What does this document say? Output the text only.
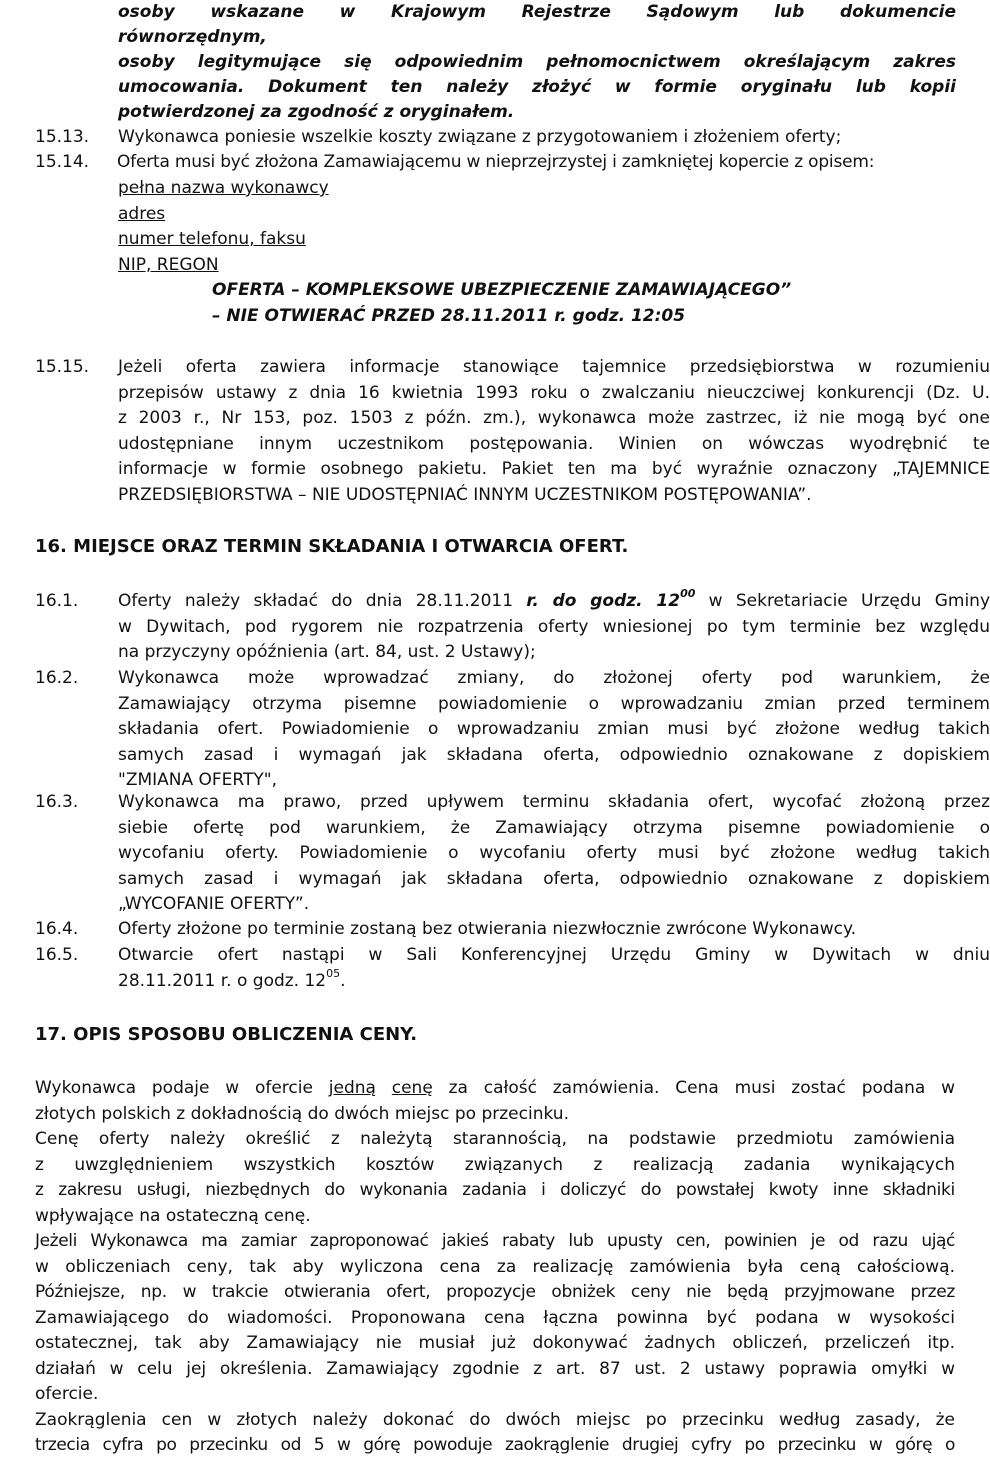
osoby wskazane w Krajowym Rejestrze Sądowym lub dokumencie
równorzędnym,
osoby legitymujące się odpowiednim pełnomocnictwem określającym zakres
umocowania. Dokument ten należy złożyć w formie oryginału lub kopii
potwierdzonej za zgodność z oryginałem.
15.13. Wykonawca poniesie wszelkie koszty związane z przygotowaniem i złożeniem oferty;
15.14. Oferta musi być złożona Zamawiającemu w nieprzejrzystej i zamkniętej kopercie z opisem:
pełna nazwa wykonawcy
adres
numer telefonu, faksu
NIP, REGON
OFERTA – KOMPLEKSOWE UBEZPIECZENIE ZAMAWIAJĄCEGO”
– NIE OTWIERAĆ PRZED 28.11.2011 r. godz. 12:05
15.15. Jeżeli oferta zawiera informacje stanowiące tajemnice przedsiębiorstwa w rozumieniu
przepisów ustawy z dnia 16 kwietnia 1993 roku o zwalczaniu nieuczciwej konkurencji (Dz. U.
z 2003 r., Nr 153, poz. 1503 z późn. zm.), wykonawca może zastrzec, iż nie mogą być one
udostępniane innym uczestnikom postępowania. Winien on wówczas wyodrębnić te
informacje w formie osobnego pakietu. Pakiet ten ma być wyraźnie oznaczony „TAJEMNICE
PRZEDSIĘBIORSTWA – NIE UDOSTĘPNIAĆ INNYM UCZESTNIKOM POSTĘPOWANIA”.
16. MIEJSCE ORAZ TERMIN SKŁADANIA I OTWARCIA OFERT.
16.1. Oferty należy składać do dnia 28.11.2011 r. do godz. $12^{00}$ w Sekretariacie Urzędu Gminy
w Dywitach, pod rygorem nie rozpatrzenia oferty wniesionej po tym terminie bez względu
na przyczyny opóźnienia (art. 84, ust. 2 Ustawy);
16.2. Wykonawca może wprowadzać zmiany, do złożonej oferty pod warunkiem, że
Zamawiający otrzyma pisemne powiadomienie o wprowadzaniu zmian przed terminem
składania ofert. Powiadomienie o wprowadzaniu zmian musi być złożone według takich
samych zasad i wymagań jak składana oferta, odpowiednio oznakowane z dopiskiem
"ZMIANA OFERTY",
16.3. Wykonawca ma prawo, przed upływem terminu składania ofert, wycofać złożoną przez
siebie ofertę pod warunkiem, że Zamawiający otrzyma pisemne powiadomienie o
wycofaniu oferty. Powiadomienie o wycofaniu oferty musi być złożone według takich
samych zasad i wymagań jak składana oferta, odpowiednio oznakowane z dopiskiem
„WYCOFANIE OFERTY”.
16.4. Oferty złożone po terminie zostaną bez otwierania niezwłocznie zwrócone Wykonawcy.
16.5. Otwarcie ofert nastąpi w Sali Konferencyjnej Urzędu Gminy w Dywitach w dniu
28.11.2011 r. o godz. $12^{05}$.
17. OPIS SPOSOBU OBLICZENIA CENY.
Wykonawca podaje w ofercie jedną cenę za całość zamówienia. Cena musi zostać podana w
złotych polskich z dokładnością do dwóch miejsc po przecinku.
Cenę oferty należy określić z należytą starannością, na podstawie przedmiotu zamówienia
z uwzględnieniem wszystkich kosztów związanych z realizacją zadania wynikających
z zakresu usługi, niezbędnych do wykonania zadania i doliczyć do powstałej kwoty inne składniki
wpływające na ostateczną cenę.
Jeżeli Wykonawca ma zamiar zaproponować jakieś rabaty lub upusty cen, powinien je od razu ująć
w obliczeniach ceny, tak aby wyliczona cena za realizację zamówienia była ceną całościową.
Późniejsze, np. w trakcie otwierania ofert, propozycje obniżek ceny nie będą przyjmowane przez
Zamawiającego do wiadomości. Proponowana cena łączna powinna być podana w wysokości
ostatecznej, tak aby Zamawiający nie musiał już dokonywać żadnych obliczeń, przeliczeń itp.
działań w celu jej określenia. Zamawiający zgodnie z art. 87 ust. 2 ustawy poprawia omyłki w
ofercie.
Zaokrąglenia cen w złotych należy dokonać do dwóch miejsc po przecinku według zasady, że
trzecia cyfra po przecinku od 5 w górę powoduje zaokrąglenie drugiej cyfry po przecinku w górę o
